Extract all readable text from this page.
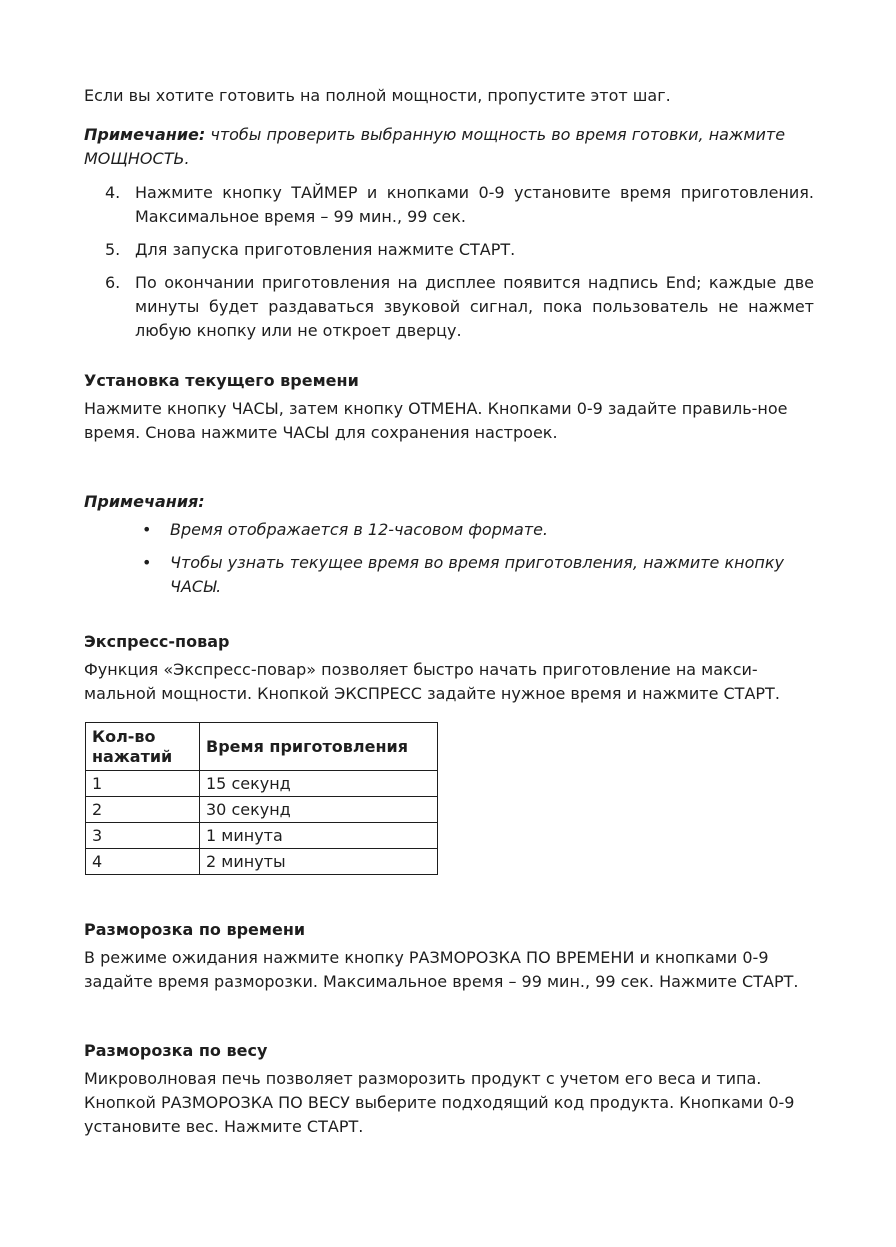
Если вы хотите готовить на полной мощности, пропустите этот шаг.

Примечание: чтобы проверить выбранную мощность во время готовки, нажмите МОЩНОСТЬ.

4. Нажмите кнопку ТАЙМЕР и кнопками 0-9 установите время приготовления. Максимальное время – 99 мин., 99 сек.
5. Для запуска приготовления нажмите СТАРТ.
6. По окончании приготовления на дисплее появится надпись End; каждые две минуты будет раздаваться звуковой сигнал, пока пользователь не нажмет любую кнопку или не откроет дверцу.
Установка текущего времени

Нажмите кнопку ЧАСЫ, затем кнопку ОТМЕНА. Кнопками 0-9 задайте правиль-ное время. Снова нажмите ЧАСЫ для сохранения настроек.

Примечания:
• Время отображается в 12-часовом формате.
• Чтобы узнать текущее время во время приготовления, нажмите кнопку ЧАСЫ.
Экспресс-повар

Функция «Экспресс-повар» позволяет быстро начать приготовление на макси-мальной мощности. Кнопкой ЭКСПРЕСС задайте нужное время и нажмите СТАРТ.

Кол-во нажатий	Время приготовления
1	15 секунд
2	30 секунд
3	1 минута
4	2 минуты
Разморозка по времени

В режиме ожидания нажмите кнопку РАЗМОРОЗКА ПО ВРЕМЕНИ и кнопками 0-9 задайте время разморозки. Максимальное время – 99 мин., 99 сек. Нажмите СТАРТ.

Разморозка по весу

Микроволновая печь позволяет разморозить продукт с учетом его веса и типа. Кнопкой РАЗМОРОЗКА ПО ВЕСУ выберите подходящий код продукта. Кнопками 0-9 установите вес. Нажмите СТАРТ.
